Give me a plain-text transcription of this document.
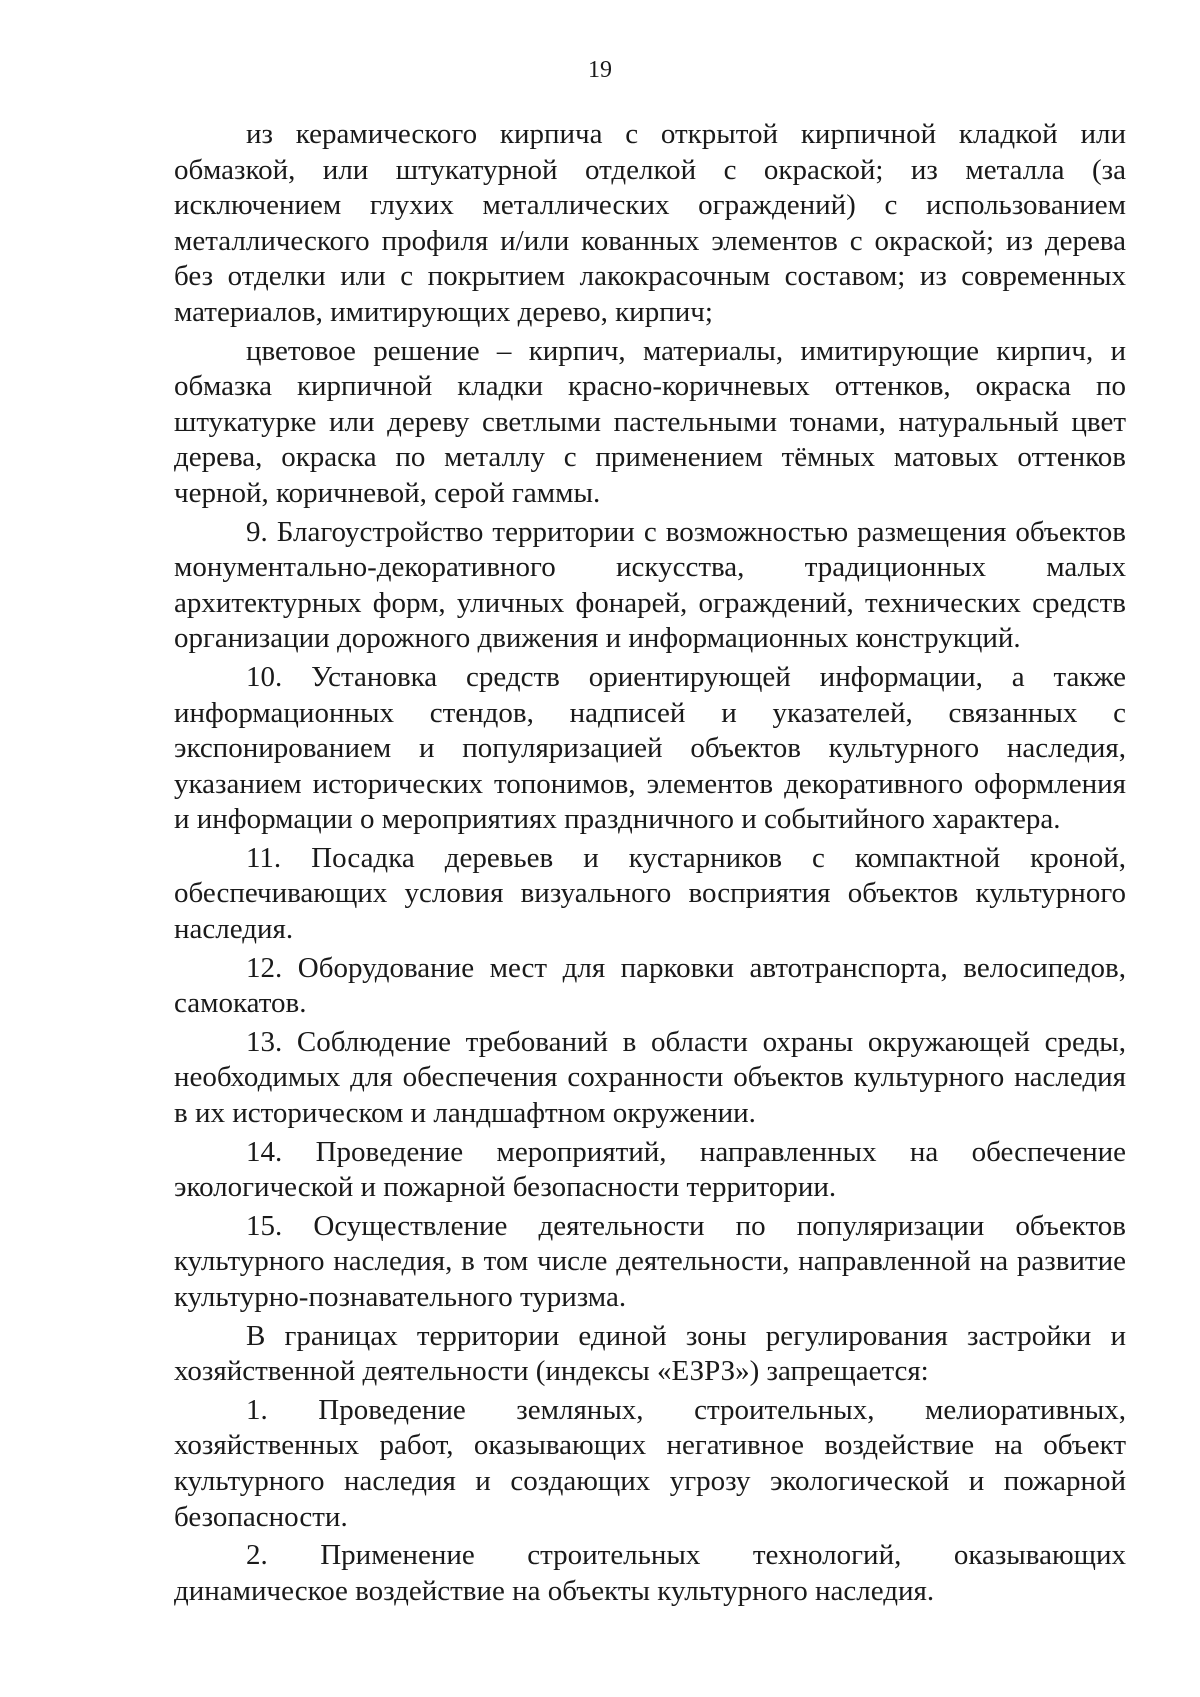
19

из керамического кирпича с открытой кирпичной кладкой или обмазкой, или штукатурной отделкой с окраской; из металла (за исключением глухих металлических ограждений) с использованием металлического профиля и/или кованных элементов с окраской; из дерева без отделки или с покрытием лакокрасочным составом; из современных материалов, имитирующих дерево, кирпич;

цветовое решение – кирпич, материалы, имитирующие кирпич, и обмазка кирпичной кладки красно-коричневых оттенков, окраска по штукатурке или дереву светлыми пастельными тонами, натуральный цвет дерева, окраска по металлу с применением тёмных матовых оттенков черной, коричневой, серой гаммы.

9. Благоустройство территории с возможностью размещения объектов монументально-декоративного искусства, традиционных малых архитектурных форм, уличных фонарей, ограждений, технических средств организации дорожного движения и информационных конструкций.

10. Установка средств ориентирующей информации, а также информационных стендов, надписей и указателей, связанных с экспонированием и популяризацией объектов культурного наследия, указанием исторических топонимов, элементов декоративного оформления и информации о мероприятиях праздничного и событийного характера.

11. Посадка деревьев и кустарников с компактной кроной, обеспечивающих условия визуального восприятия объектов культурного наследия.

12. Оборудование мест для парковки автотранспорта, велосипедов, самокатов.

13. Соблюдение требований в области охраны окружающей среды, необходимых для обеспечения сохранности объектов культурного наследия в их историческом и ландшафтном окружении.

14. Проведение мероприятий, направленных на обеспечение экологической и пожарной безопасности территории.

15. Осуществление деятельности по популяризации объектов культурного наследия, в том числе деятельности, направленной на развитие культурно-познавательного туризма.

В границах территории единой зоны регулирования застройки и хозяйственной деятельности (индексы «ЕЗРЗ») запрещается:

1. Проведение земляных, строительных, мелиоративных, хозяйственных работ, оказывающих негативное воздействие на объект культурного наследия и создающих угрозу экологической и пожарной безопасности.

2. Применение строительных технологий, оказывающих динамическое воздействие на объекты культурного наследия.
